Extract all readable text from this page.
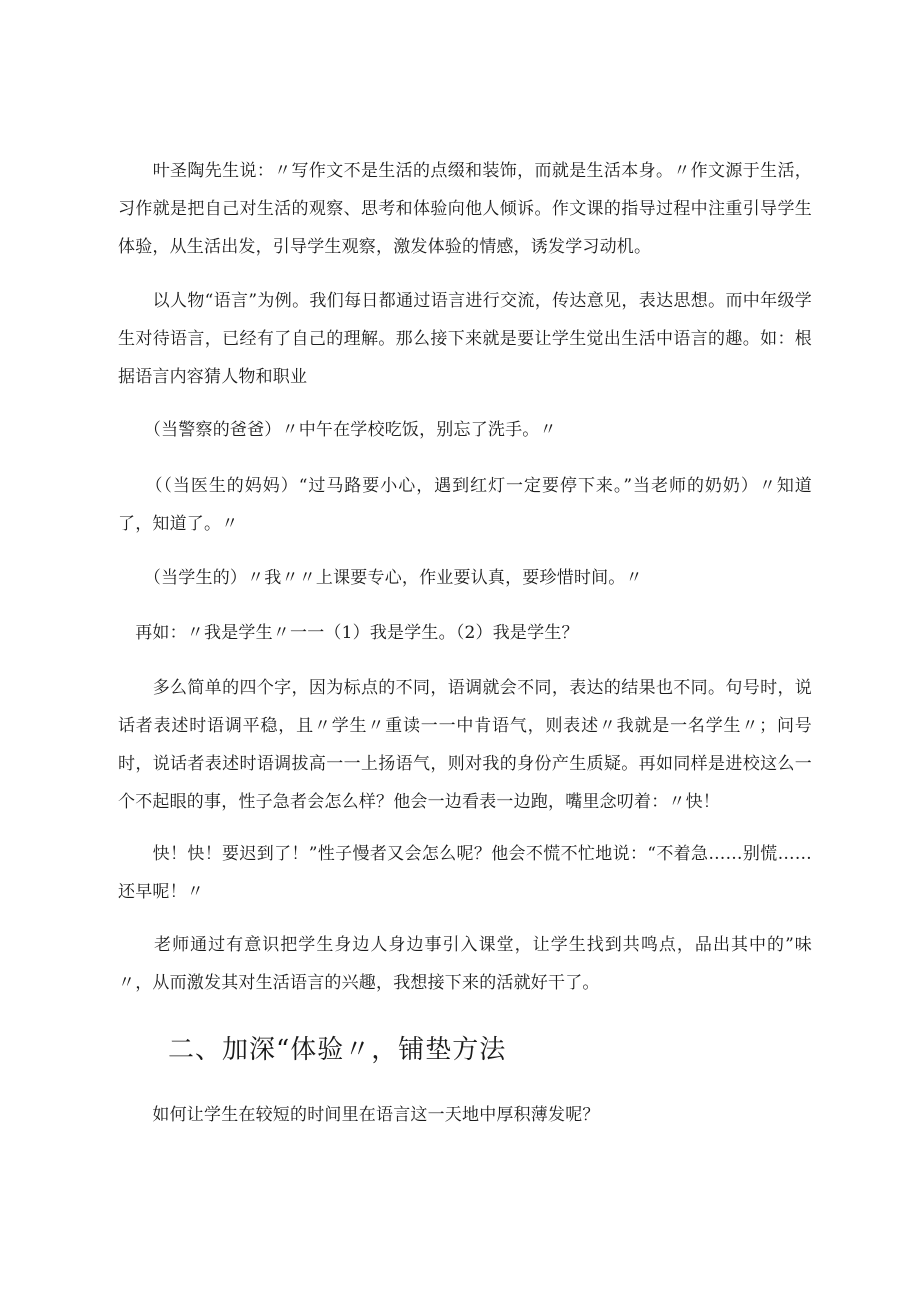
　　叶圣陶先生说：〃写作文不是生活的点缀和装饰，而就是生活本身。〃作文源于生活，习作就是把自己对生活的观察、思考和体验向他人倾诉。作文课的指导过程中注重引导学生体验，从生活出发，引导学生观察，激发体验的情感，诱发学习动机。

　　以人物“语言”为例。我们每日都通过语言进行交流，传达意见，表达思想。而中年级学生对待语言，已经有了自己的理解。那么接下来就是要让学生觉出生活中语言的趣。如：根据语言内容猜人物和职业

　　（当警察的爸爸）〃中午在学校吃饭，别忘了洗手。〃

　　（（当医生的妈妈）“过马路要小心，遇到红灯一定要停下来。”当老师的奶奶）〃知道了，知道了。〃

　　（当学生的）〃我〃〃上课要专心，作业要认真，要珍惜时间。〃

　再如：〃我是学生〃一一（1）我是学生。（2）我是学生？

　　多么简单的四个字，因为标点的不同，语调就会不同，表达的结果也不同。句号时，说话者表述时语调平稳，且〃学生〃重读一一中肯语气，则表述〃我就是一名学生〃；问号时，说话者表述时语调拔高一一上扬语气，则对我的身份产生质疑。再如同样是进校这么一个不起眼的事，性子急者会怎么样？他会一边看表一边跑，嘴里念叨着：〃快！

　　快！快！要迟到了！”性子慢者又会怎么呢？他会不慌不忙地说：“不着急……别慌……还早呢！〃

　　老师通过有意识把学生身边人身边事引入课堂，让学生找到共鸣点，品出其中的”味〃，从而激发其对生活语言的兴趣，我想接下来的活就好干了。

二、加深“体验〃，铺垫方法

　　如何让学生在较短的时间里在语言这一天地中厚积薄发呢？
